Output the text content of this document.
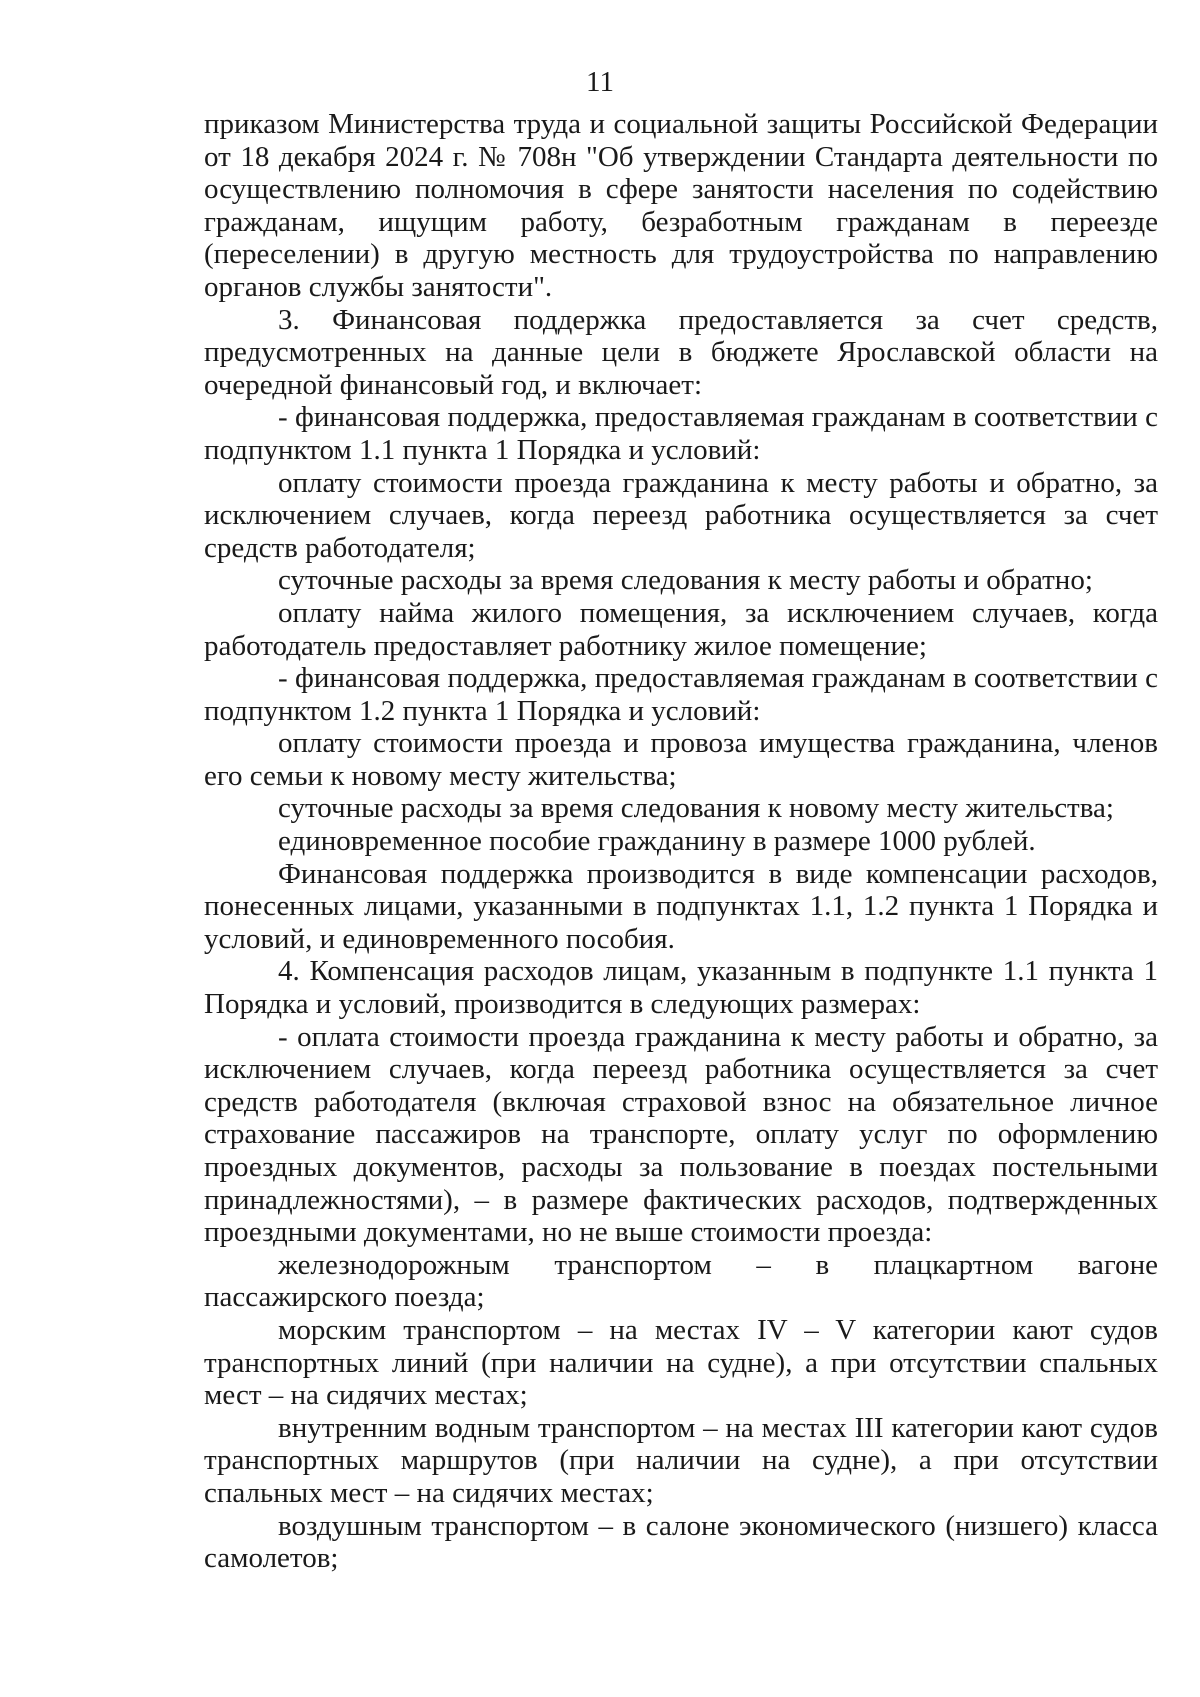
11

приказом Министерства труда и социальной защиты Российской Федерации от 18 декабря 2024 г. № 708н "Об утверждении Стандарта деятельности по осуществлению полномочия в сфере занятости населения по содействию гражданам, ищущим работу, безработным гражданам в переезде (переселении) в другую местность для трудоустройства по направлению органов службы занятости".

3. Финансовая поддержка предоставляется за счет средств, предусмотренных на данные цели в бюджете Ярославской области на очередной финансовый год, и включает:

- финансовая поддержка, предоставляемая гражданам в соответствии с подпунктом 1.1 пункта 1 Порядка и условий:

оплату стоимости проезда гражданина к месту работы и обратно, за исключением случаев, когда переезд работника осуществляется за счет средств работодателя;

суточные расходы за время следования к месту работы и обратно;

оплату найма жилого помещения, за исключением случаев, когда работодатель предоставляет работнику жилое помещение;

- финансовая поддержка, предоставляемая гражданам в соответствии с подпунктом 1.2 пункта 1 Порядка и условий:

оплату стоимости проезда и провоза имущества гражданина, членов его семьи к новому месту жительства;

суточные расходы за время следования к новому месту жительства;

единовременное пособие гражданину в размере 1000 рублей.

Финансовая поддержка производится в виде компенсации расходов, понесенных лицами, указанными в подпунктах 1.1, 1.2 пункта 1 Порядка и условий, и единовременного пособия.

4. Компенсация расходов лицам, указанным в подпункте 1.1 пункта 1 Порядка и условий, производится в следующих размерах:

- оплата стоимости проезда гражданина к месту работы и обратно, за исключением случаев, когда переезд работника осуществляется за счет средств работодателя (включая страховой взнос на обязательное личное страхование пассажиров на транспорте, оплату услуг по оформлению проездных документов, расходы за пользование в поездах постельными принадлежностями), – в размере фактических расходов, подтвержденных проездными документами, но не выше стоимости проезда:

железнодорожным транспортом – в плацкартном вагоне пассажирского поезда;

морским транспортом – на местах IV – V категории кают судов транспортных линий (при наличии на судне), а при отсутствии спальных мест – на сидячих местах;

внутренним водным транспортом – на местах III категории кают судов транспортных маршрутов (при наличии на судне), а при отсутствии спальных мест – на сидячих местах;

воздушным транспортом – в салоне экономического (низшего) класса самолетов;
